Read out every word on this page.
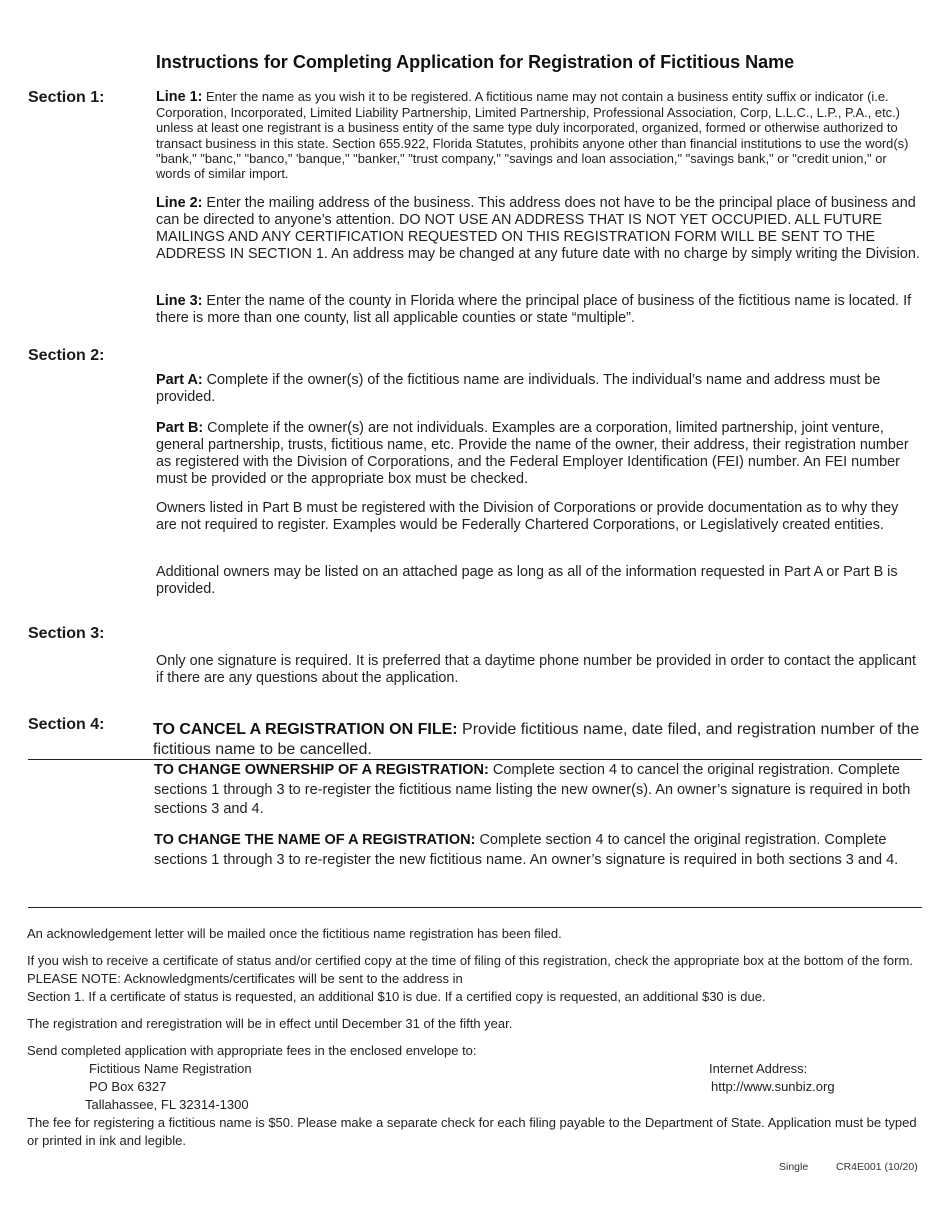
Instructions for Completing Application for Registration of Fictitious Name
Section 1:	Line 1: Enter the name as you wish it to be registered. A fictitious name may not contain a business entity suffix or indicator (i.e. Corporation, Incorporated, Limited Liability Partnership, Limited Partnership, Professional Association, Corp, L.L.C., L.P., P.A., etc.) unless at least one registrant is a business entity of the same type duly incorporated, organized, formed or otherwise authorized to transact business in this state. Section 655.922, Florida Statutes, prohibits anyone other than financial institutions to use the word(s) "bank," "banc," "banco," 'banque," "banker," "trust company," "savings and loan association," "savings bank," or "credit union," or words of similar import.
Line 2: Enter the mailing address of the business. This address does not have to be the principal place of business and can be directed to anyone’s attention. DO NOT USE AN ADDRESS THAT IS NOT YET OCCUPIED. ALL FUTURE MAILINGS AND ANY CERTIFICATION REQUESTED ON THIS REGISTRATION FORM WILL BE SENT TO THE ADDRESS IN SECTION 1. An address may be changed at any future date with no charge by simply writing the Division.
Line 3: Enter the name of the county in Florida where the principal place of business of the fictitious name is located. If there is more than one county, list all applicable counties or state “multiple”.
Section 2:
Part A: Complete if the owner(s) of the fictitious name are individuals. The individual’s name and address must be provided.
Part B: Complete if the owner(s) are not individuals. Examples are a corporation, limited partnership, joint venture, general partnership, trusts, fictitious name, etc. Provide the name of the owner, their address, their registration number as registered with the Division of Corporations, and the Federal Employer Identification (FEI) number. An FEI number must be provided or the appropriate box must be checked.
Owners listed in Part B must be registered with the Division of Corporations or provide documentation as to why they are not required to register. Examples would be Federally Chartered Corporations, or Legislatively created entities.
Additional owners may be listed on an attached page as long as all of the information requested in Part A or Part B is provided.
Section 3:
Only one signature is required. It is preferred that a daytime phone number be provided in order to contact the applicant if there are any questions about the application.
Section 4:	TO CANCEL A REGISTRATION ON FILE: Provide fictitious name, date filed, and registration number of the fictitious name to be cancelled.
TO CHANGE OWNERSHIP OF A REGISTRATION: Complete section 4 to cancel the original registration. Complete sections 1 through 3 to re-register the fictitious name listing the new owner(s). An owner’s signature is required in both sections 3 and 4.
TO CHANGE THE NAME OF A REGISTRATION: Complete section 4 to cancel the original registration. Complete sections 1 through 3 to re-register the new fictitious name. An owner’s signature is required in both sections 3 and 4.
An acknowledgement letter will be mailed once the fictitious name registration has been filed.
If you wish to receive a certificate of status and/or certified copy at the time of filing of this registration, check the appropriate box at the bottom of the form. PLEASE NOTE: Acknowledgments/certificates will be sent to the address in
Section 1. If a certificate of status is requested, an additional $10 is due. If a certified copy is requested, an additional $30 is due.
The registration and reregistration will be in effect until December 31 of the fifth year.
Send completed application with appropriate fees in the enclosed envelope to:
Fictitious Name Registration
PO Box 6327
Tallahassee, FL 32314-1300
Internet Address:
http://www.sunbiz.org
The fee for registering a fictitious name is $50. Please make a separate check for each filing payable to the Department of State. Application must be typed or printed in ink and legible.
Single	CR4E001 (10/20)
